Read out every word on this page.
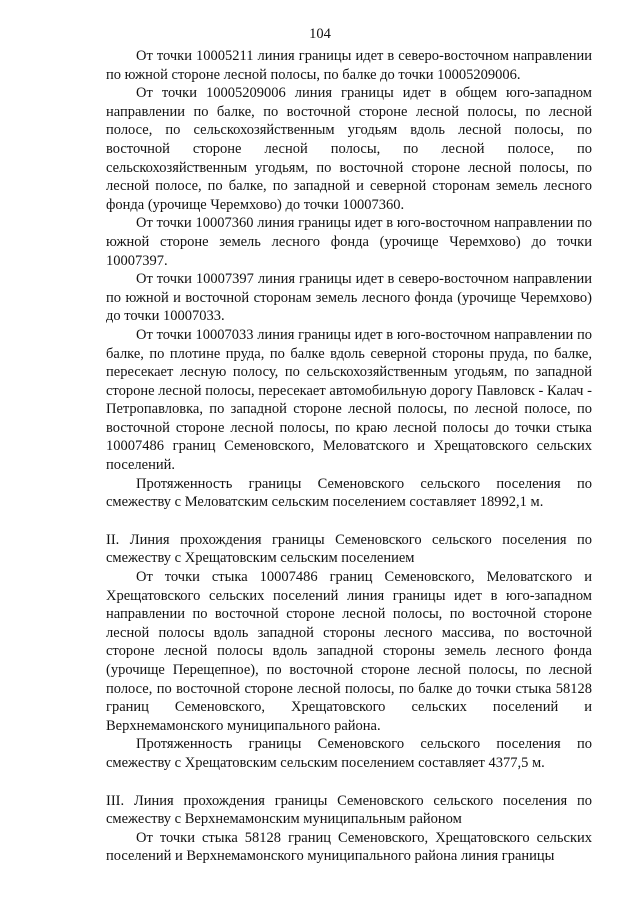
104

От точки 10005211 линия границы идет в северо-восточном направлении по южной стороне лесной полосы, по балке до точки 10005209006.

От точки 10005209006 линия границы идет в общем юго-западном направлении по балке, по восточной стороне лесной полосы, по лесной полосе, по сельскохозяйственным угодьям вдоль лесной полосы, по восточной стороне лесной полосы, по лесной полосе, по сельскохозяйственным угодьям, по восточной стороне лесной полосы, по лесной полосе, по балке, по западной и северной сторонам земель лесного фонда (урочище Черемхово) до точки 10007360.

От точки 10007360 линия границы идет в юго-восточном направлении по южной стороне земель лесного фонда (урочище Черемхово) до точки 10007397.

От точки 10007397 линия границы идет в северо-восточном направлении по южной и восточной сторонам земель лесного фонда (урочище Черемхово) до точки 10007033.

От точки 10007033 линия границы идет в юго-восточном направлении по балке, по плотине пруда, по балке вдоль северной стороны пруда, по балке, пересекает лесную полосу, по сельскохозяйственным угодьям, по западной стороне лесной полосы, пересекает автомобильную дорогу Павловск - Калач - Петропавловка, по западной стороне лесной полосы, по лесной полосе, по восточной стороне лесной полосы, по краю лесной полосы до точки стыка 10007486 границ Семеновского, Меловатского и Хрещатовского сельских поселений.

Протяженность границы Семеновского сельского поселения по смежеству с Меловатским сельским поселением составляет 18992,1 м.

II. Линия прохождения границы Семеновского сельского поселения по смежеству с Хрещатовским сельским поселением

От точки стыка 10007486 границ Семеновского, Меловатского и Хрещатовского сельских поселений линия границы идет в юго-западном направлении по восточной стороне лесной полосы, по восточной стороне лесной полосы вдоль западной стороны лесного массива, по восточной стороне лесной полосы вдоль западной стороны земель лесного фонда (урочище Перещепное), по восточной стороне лесной полосы, по лесной полосе, по восточной стороне лесной полосы, по балке до точки стыка 58128 границ Семеновского, Хрещатовского сельских поселений и Верхнемамонского муниципального района.

Протяженность границы Семеновского сельского поселения по смежеству с Хрещатовским сельским поселением составляет 4377,5 м.

III. Линия прохождения границы Семеновского сельского поселения по смежеству с Верхнемамонским муниципальным районом

От точки стыка 58128 границ Семеновского, Хрещатовского сельских поселений и Верхнемамонского муниципального района линия границы
